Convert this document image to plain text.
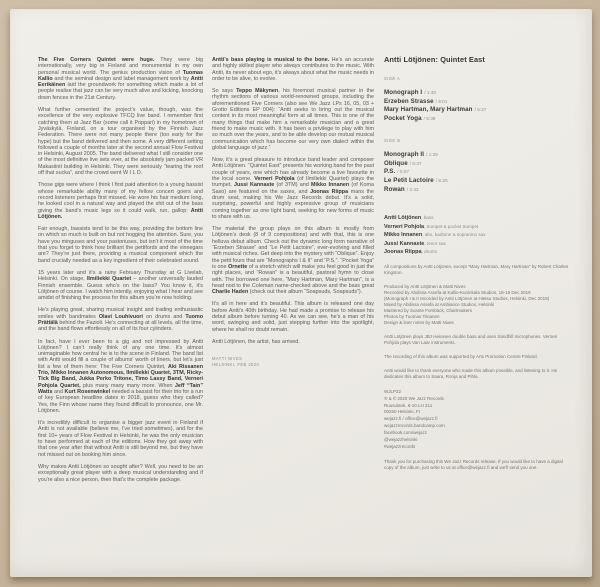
The Five Corners Quintet were huge. They were big internationally, very big in Finland and monumental in my own personal musical world. The genius production vision of Tuomas Kallio and the seminal design and label management work by Antti Eerikäinen laid the groundwork for something which made a lot of people realise that jazz can be very much alive and kicking, knocking down fences in the 21st Century.

What further cemented the project’s value, though, was the excellence of the very explosive TFCQ live band. I remember first catching them at Jazz Bar (some call it Poppari) in my hometown of Jyväskylä, Finland, on a tour organised by the Finnish Jazz Federation. There were not many people there (too early for the hype) but the band delivered and then some. A very different setting followed a couple of months later at the second annual Flow Festival in Helsinki, August 2005. The band delivered what I still consider one of the most definitive live sets ever, at the absolutely jam packed VR Makasiinit building in Helsinki. They were seriously “tearing the roof off that sucka”, and the crowd went W I L D.

Those gigs were where I think I first paid attention to a young bassist whose remarkable ability many of my fellow concert goers and record listeners perhaps first missed. He wore his hair medium long, he looked cool in a natural way and played the shit out of the bass giving the band’s music legs so it could walk, run, gallop: Antti Lötjönen.

Fair enough, bassists tend to be this way, providing the bottom line on which so much is built on but not hogging the attention. Sure, you have you minguses and your pastoriuses, but isn’t it most of the time that you forget to think how brilliant the pettifords and the vinnegars are? They’re just there, providing a musical component which the band crucially needed as a key ingredient of their celebrated sound.

15 years later and it’s a rainy February Thursday at G Livelab, Helsinki. On stage, Ilmiliekki Quartet – another universally lauded Finnish ensemble. Guess who’s on the bass? You know it, it’s Lötjönen of course. I watch him intently, enjoying what I hear and see amidst of finishing the process for this album you’re now holding.

He’s playing great, sharing musical insight and trading enthusiastic smiles with bandmates Olavi Louhivuori on drums and Tuomo Prättälä behind the Fazioli. He’s connecting at all levels, all the time, and the band flows effortlessly on all of its four cylinders.

In fact, have I ever been to a gig and not impressed by Antti Lötjönen? I can’t really think of any one time. It’s almost unimaginable how central he is to the scene in Finland. The band list with Antti would fill a couple of albums’ worth of liners, but let’s just list a few of them here: The Five Corners Quintet, Aki Rissanen Trio, Mikko Innanen Autonomous, Ilmiliekki Quartet, 3TM, Ricky-Tick Big Band, Jukka Perko Tritone, Timo Lassy Band, Verneri Pohjola Quartet, plus many many many more. When Jeff “Tain” Watts and Kurt Rosenwinkel needed a bassist for their trio for a run of key European headline dates in 2018, guess who they called? Yes, the Finn whose name they found difficult to pronounce, one Mr. Lötjönen.

It’s incredibly difficult to organise a bigger jazz event in Finland if Antti is not available (believe me, I’ve tried sometimes), and for the first 10+ years of Flow Festival in Helsinki, he was the only musician to have performed at each of the editions. How they got away with that one year after that without Antti is still beyond me, but they have not missed out on booking him since.

Why makes Antti Lötjönen so sought after? Well, you need to be an exceptionally great player with a deep musical understanding and if you’re also a nice person, then that’s the complete package.

Antti’s bass playing is musical to the bone. He’s an accurate and highly skilled player who always contributes to the music. With Antti, its never about ego, it’s always about what the music needs in order to be alive, to evolve.

So says Teppo Mäkynen, his foremost musical partner in the rhythm sections of various world-renowned groups, including the aforementioned Five Corners (also see We Jazz LPs 16, 05, 03 + Grotto Editions EP 004): “Antti seeks to bring out the musical content in its most meaningful form at all times. This is one of the many things that make him a remarkable musician and a great friend to make music with. It has been a privilege to play with him so much over the years, and to be able develop our mutual musical communication which has become our very own dialect within the global language of jazz.”

Now, it’s a great pleasure to introduce band leader and composer Antti Lötjönen. “Quintet East” presents his working band for the past couple of years, one which has already become a live favourite in the local scene. Verneri Pohjola (of Ilmiliekki Quartet) plays the trumpet, Jussi Kannaste (of 3TM) and Mikko Innanen (of Koma Saxo) are featured on the saxes, and Joonas Riippa mans the drum seat, making his We Jazz Records debut. It’s a solid, surprising, powerful and highly expressive group of musicians coming together as one tight band, seeking for new forms of music to share with us.

The material the group plays on this album is mostly from Lötjönen’s desk (8 of 9 compositions) and with that, this is one helluva debut album. Check out the dynamic long form narrative of “Erzeben Strasse” and “Le Petit Lactoire”, ever-evolving and filled with musical riches. Get deep into the mystery with “Oblique”. Enjoy the petit fours that are “Monographs I & II” and “P.S.”. “Pocket Yoga” is one Ornette of a stretch which will make you feel good in just the right places, and “Rowan” is a beautiful, pastoral hymn to close with. The borrowed one here, “Mary Hartman, Mary Hartman”, is a head nod to the Coleman name-checked above and the bass great Charlie Haden (check out their album “Soapsuds, Soapsuds”).

It’s all in here and it’s beautiful. This album is released one day before Antti’s 40th birthday. He had made a promise to release his debut album before turning 40. As we can see, he’s a man of his word, swinging and solid, just stepping further into the spotlight, where he shall no doubt remain.

Antti Lötjönen, the artist, has arrived.

MATTI NIVES
HELSINKI, FEB 2020
Antti Lötjönen: Quintet East
SIDE A
Monograph I / 1:40
Erzeben Strasse / 9:01
Mary Hartman, Mary Hartman / 5:37
Pocket Yoga / 5:39
SIDE B
Monograph II / 1:29
Oblique / 6:37
P.S. / 5:57
Le Petit Lactoire / 6:25
Rowan / 2:43
Antti Lötjönen, bass
Verneri Pohjola, trumpet & pocket trumpet
Mikko Innanen, alto, baritone & sopranino sax
Jussi Kannaste, tenor sax
Joonas Riippa, drums
All compositions by Antti Lötjönen, except “Mary Hartman, Mary Hartman” by Robert Charles Kingston.
Produced by Antti Lötjönen & Matti Nives
Recorded by Abdissa Assefa at Kallio-Kuninkala Studios, 18-19 Dec 2019
(Monograph I & II recorded by Antti Lötjönen at Hietsu Studios, Helsinki, Dec 2019)
Mixed by Abdissa Assefa at Ambiance Studios, Helsinki
Mastered by Svante Forsbäck, Chartmakers
Photos by Tuomas Tiinanen
Design & liner notes by Matti Nives
Antti Lötjönen plays JBJ Heininen double bass and uses Sandhill microphones. Verneri Pohjola plays Van Laar instruments.
The recording of this album was supported by Arts Promotion Centre Finland.
Antti would like to thank everyone who made this album possible, and listening to it. He dedicates this album to Saara, Ronja and Pihla.
WJLP22
℗ & © 2020 We Jazz Records
Ruusulank. 8-10 LH 211
00250 Helsinki, FI
wejazz.fi / office@wejazz.fi
wejazzrecords.bandcamp.com
facebook.com/wejazz
@wejazzhelsinki
#wejazzrecords
Thank you for purchasing this We Jazz Records release. If you would like to have a digital copy of the album, just write to us at office@wejazz.fi and we'll send you one.
